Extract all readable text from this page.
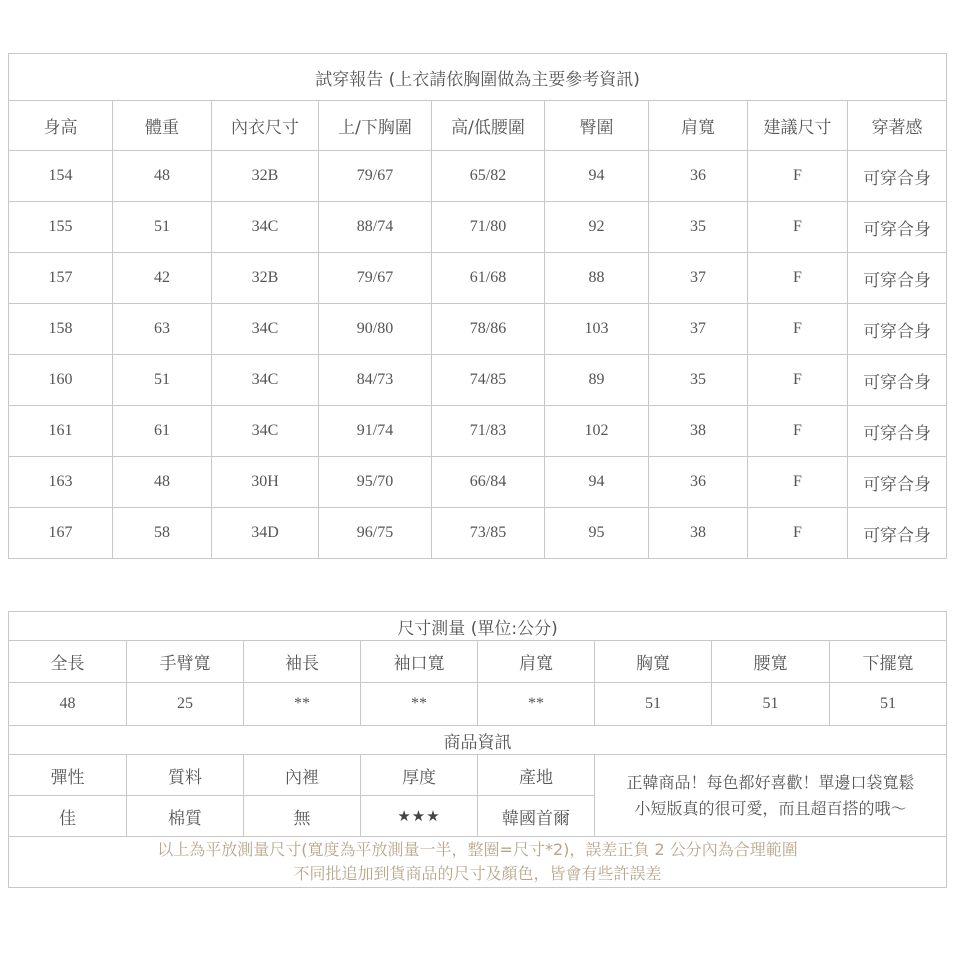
試穿報告 (上衣請依胸圍做為主要參考資訊)								
身高	體重	內衣尺寸	上/下胸圍	高/低腰圍	臀圍	肩寬	建議尺寸	穿著感
154	48	32B	79/67	65/82	94	36	F	可穿合身
155	51	34C	88/74	71/80	92	35	F	可穿合身
157	42	32B	79/67	61/68	88	37	F	可穿合身
158	63	34C	90/80	78/86	103	37	F	可穿合身
160	51	34C	84/73	74/85	89	35	F	可穿合身
161	61	34C	91/74	71/83	102	38	F	可穿合身
163	48	30H	95/70	66/84	94	36	F	可穿合身
167	58	34D	96/75	73/85	95	38	F	可穿合身
尺寸測量 (單位:公分)							
全長	手臂寬	袖長	袖口寬	肩寬	胸寬	腰寬	下擺寬
48	25	**	**	**	51	51	51
商品資訊							
彈性	質料	內裡	厚度	產地	正韓商品！每色都好喜歡！單邊口袋寬鬆
小短版真的很可愛，而且超百搭的哦～		

佳	棉質	無	★★★	韓國首爾			

以上為平放測量尺寸(寬度為平放測量一半，整圈=尺寸*2)，誤差正負 2 公分內為合理範圍
不同批追加到貨商品的尺寸及顏色，皆會有些許誤差							
